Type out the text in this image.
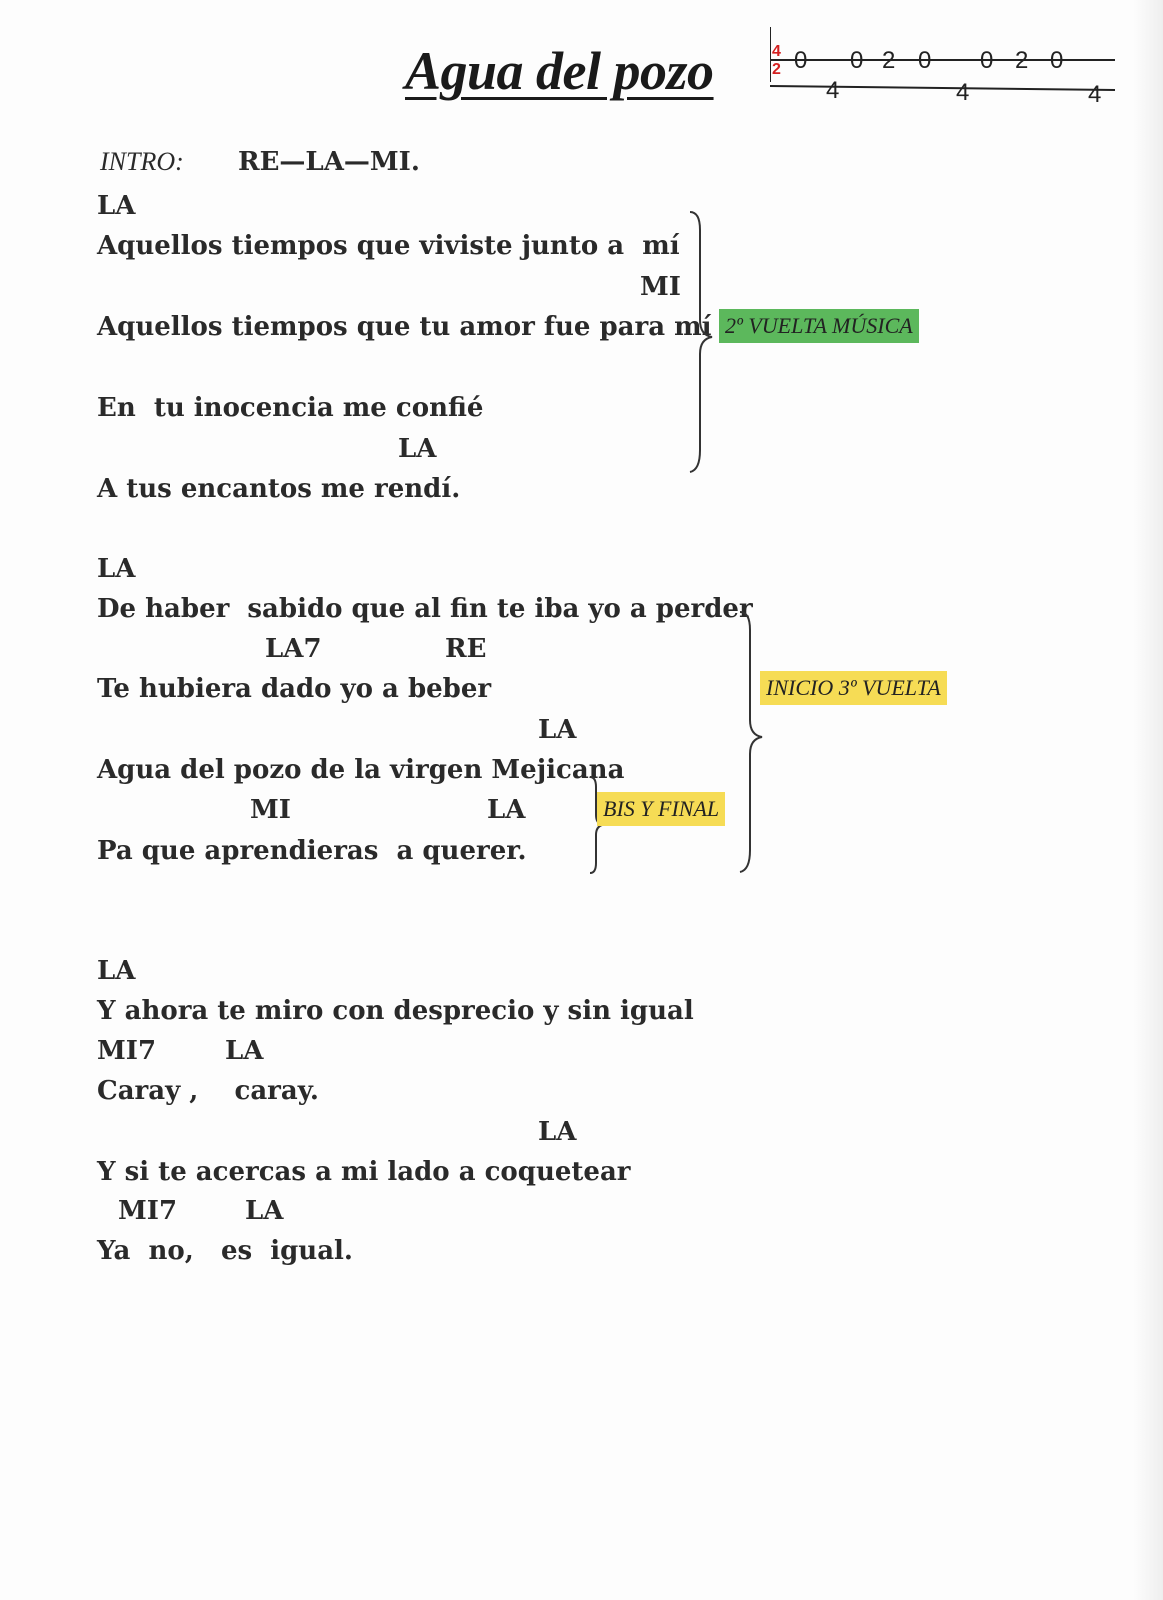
Agua del pozo	4
2 0 0 2 0 0 2 0
4	4	4
INTRO: RE—LA—MI.
LA
Aquellos tiempos que viviste junto a  mí
MI
Aquellos tiempos que tu amor fue para mí
En  tu inocencia me confié
LA
A tus encantos me rendí.
LA
De haber  sabido que al fin te iba yo a perder
LA7	RE
Te hubiera dado yo a beber
LA
Agua del pozo de la virgen Mejicana
MI	LA
Pa que aprendieras  a querer.
LA
Y ahora te miro con desprecio y sin igual
MI7	LA
Caray ,    caray.
LA
Y si te acercas a mi lado a coquetear
MI7	LA
Ya  no,   es  igual.
2º VUELTA MÚSICA
INICIO 3º VUELTA
BIS Y FINAL
